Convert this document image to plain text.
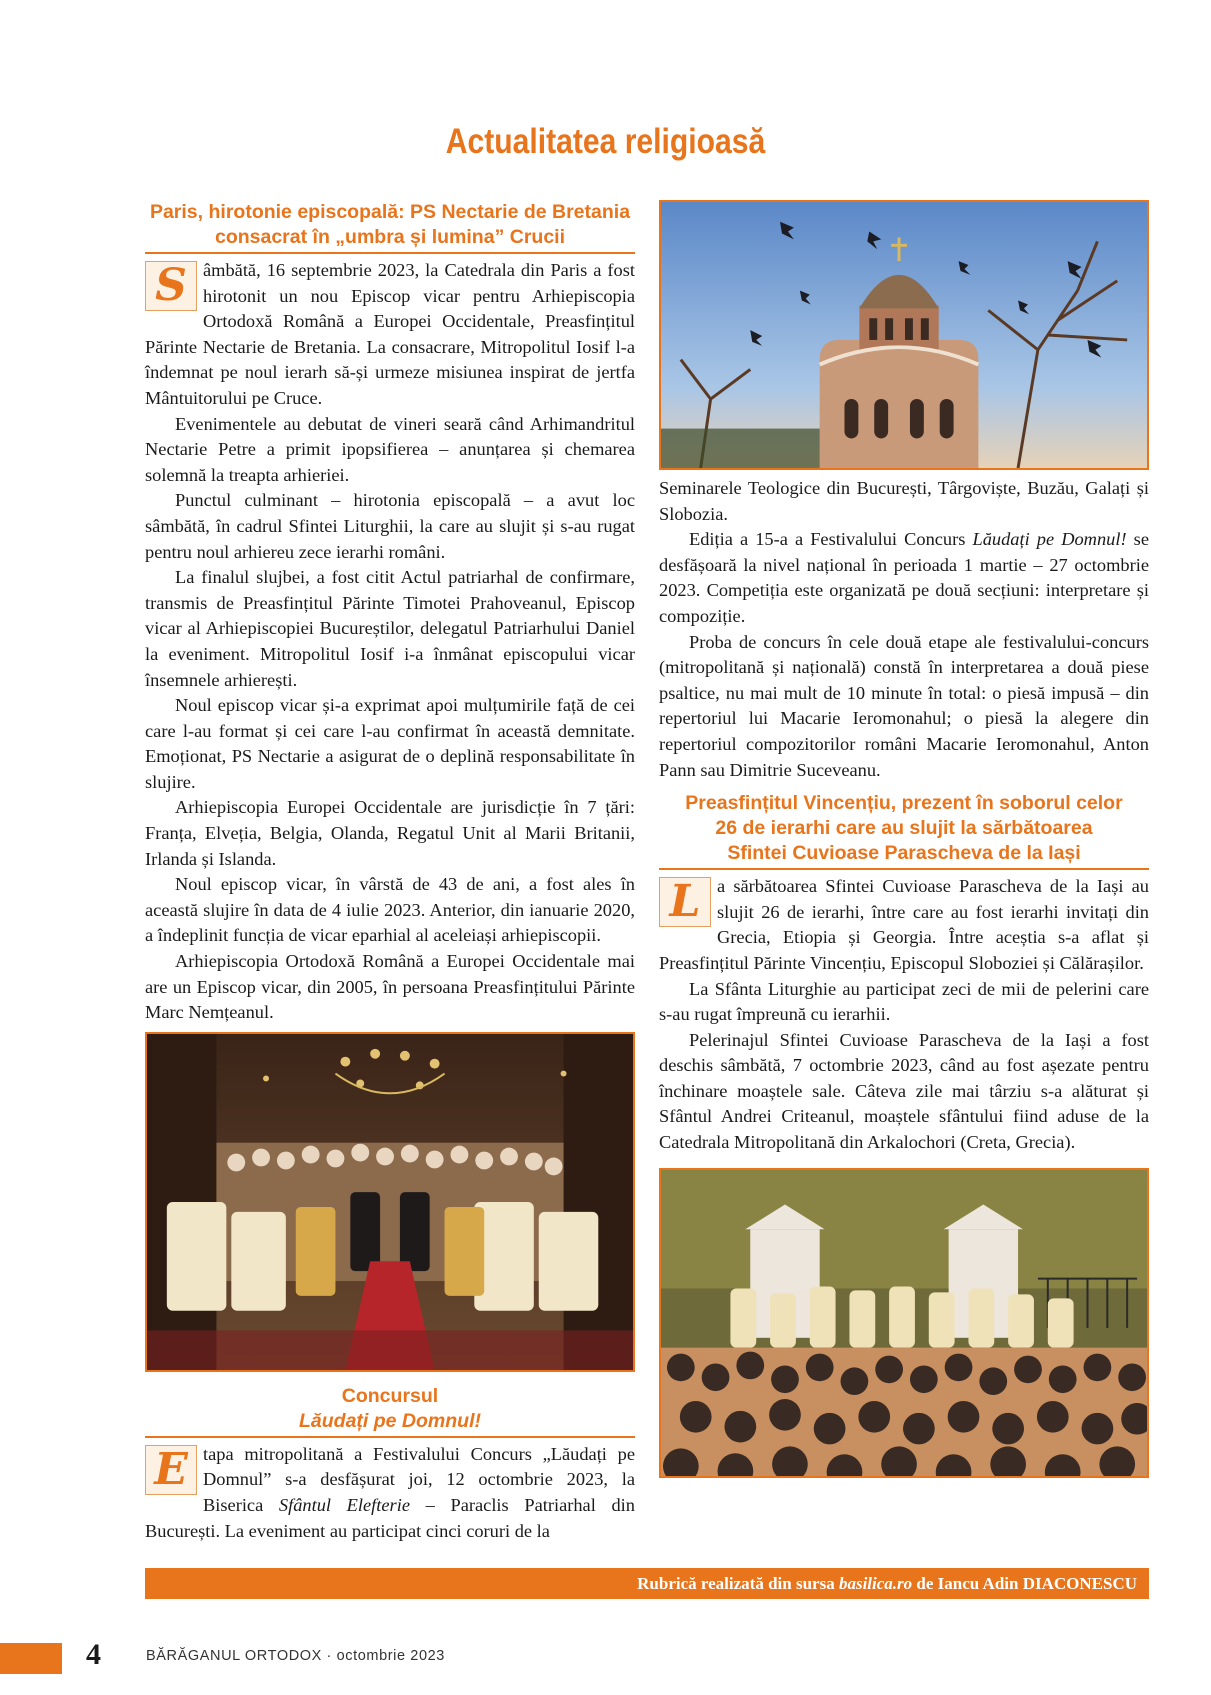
Actualitatea religioasă
Paris, hirotonie episcopală: PS Nectarie de Bretania
consacrat în „umbra și lumina” Crucii

S âmbătă, 16 septembrie 2023, la Catedrala din Paris a fost hirotonit un nou Episcop vicar pentru Arhiepiscopia Ortodoxă Română a Europei Occidentale, Preasfințitul Părinte Nectarie de Bretania. La consacrare, Mitropolitul Iosif l-a îndemnat pe noul ierarh să-și urmeze misiunea inspirat de jertfa Mântuitorului pe Cruce.

Evenimentele au debutat de vineri seară când Arhimandritul Nectarie Petre a primit ipopsifierea – anunțarea și chemarea solemnă la treapta arhieriei.

Punctul culminant – hirotonia episcopală – a avut loc sâmbătă, în cadrul Sfintei Liturghii, la care au slujit și s-au rugat pentru noul arhiereu zece ierarhi români.

La finalul slujbei, a fost citit Actul patriarhal de confirmare, transmis de Preasfințitul Părinte Timotei Prahoveanul, Episcop vicar al Arhiepiscopiei Bucureștilor, delegatul Patriarhului Daniel la eveniment. Mitropolitul Iosif i-a înmânat episcopului vicar însemnele arhierești.

Noul episcop vicar și-a exprimat apoi mulțumirile față de cei care l-au format și cei care l-au confirmat în această demnitate. Emoționat, PS Nectarie a asigurat de o deplină responsabilitate în slujire.

Arhiepiscopia Europei Occidentale are jurisdicție în 7 țări: Franța, Elveția, Belgia, Olanda, Regatul Unit al Marii Britanii, Irlanda și Islanda.

Noul episcop vicar, în vârstă de 43 de ani, a fost ales în această slujire în data de 4 iulie 2023. Anterior, din ianuarie 2020, a îndeplinit funcția de vicar eparhial al aceleiași arhiepiscopii.

Arhiepiscopia Ortodoxă Română a Europei Occidentale mai are un Episcop vicar, din 2005, în persoana Preasfințitului Părinte Marc Nemțeanul.

Concursul
Lăudați pe Domnul!

E tapa mitropolitană a Festivalului Concurs „Lăudați pe Domnul” s-a desfășurat joi, 12 octombrie 2023, la Biserica Sfântul Elefterie – Paraclis Patriarhal din București. La eveniment au participat cinci coruri de la

Seminarele Teologice din București, Târgoviște, Buzău, Galați și Slobozia.

Ediția a 15-a a Festivalului Concurs Lăudați pe Domnul! se desfășoară la nivel național în perioada 1 martie – 27 octombrie 2023. Competiția este organizată pe două secțiuni: interpretare și compoziție.

Proba de concurs în cele două etape ale festivalului-concurs (mitropolitană și națională) constă în interpretarea a două piese psaltice, nu mai mult de 10 minute în total: o piesă impusă – din repertoriul lui Macarie Ieromonahul; o piesă la alegere din repertoriul compozitorilor români Macarie Ieromonahul, Anton Pann sau Dimitrie Suceveanu.

Preasfințitul Vincențiu, prezent în soborul celor
26 de ierarhi care au slujit la sărbătoarea
Sfintei Cuvioase Parascheva de la Iași

L a sărbătoarea Sfintei Cuvioase Parascheva de la Iași au slujit 26 de ierarhi, între care au fost ierarhi invitați din Grecia, Etiopia și Georgia. Între aceștia s-a aflat și Preasfințitul Părinte Vincențiu, Episcopul Sloboziei și Călărașilor.

La Sfânta Liturghie au participat zeci de mii de pelerini care s-au rugat împreună cu ierarhii.

Pelerinajul Sfintei Cuvioase Parascheva de la Iași a fost deschis sâmbătă, 7 octombrie 2023, când au fost așezate pentru închinare moaștele sale. Câteva zile mai târziu s-a alăturat și Sfântul Andrei Criteanul, moaștele sfântului fiind aduse de la Catedrala Mitropolitană din Arkalochori (Creta, Grecia).

Rubrică realizată din sursa basilica.ro de Iancu Adin DIACONESCU
4	BĂRĂGANUL ORTODOX · octombrie 2023
